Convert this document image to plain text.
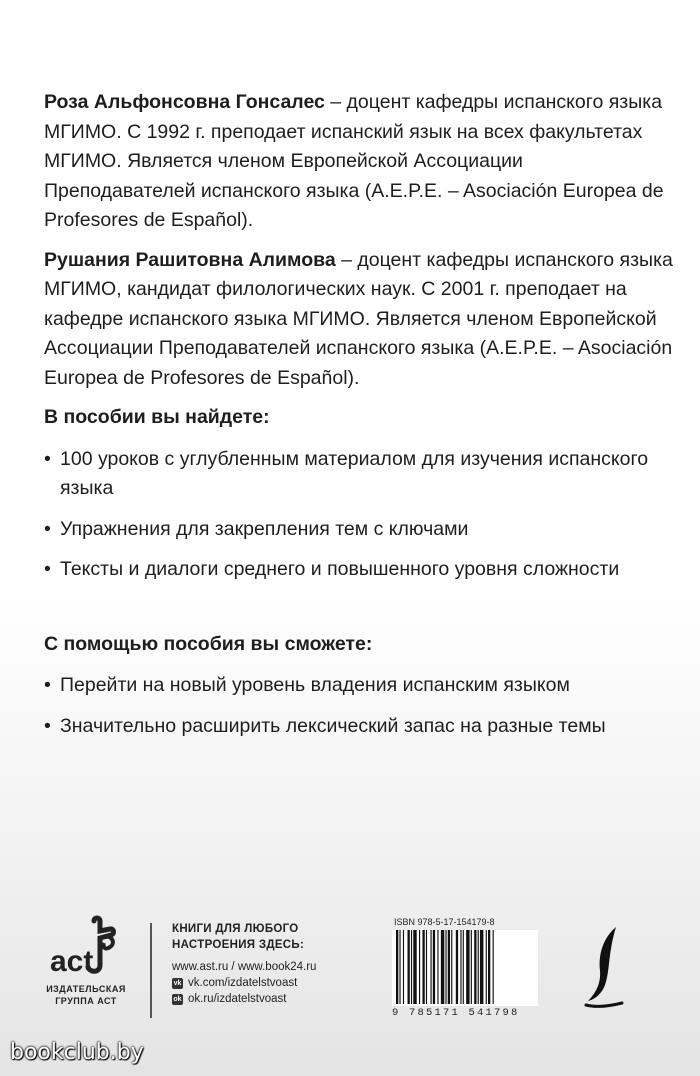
Роза Альфонсовна Гонсалес – доцент кафедры испанского языка МГИМО. С 1992 г. преподает испанский язык на всех факультетах МГИМО. Является членом Европейской Ассоциации Преподавателей испанского языка (A.E.P.E. – Asociación Europea de Profesores de Español).

Рушания Рашитовна Алимова – доцент кафедры испанского языка МГИМО, кандидат филологических наук. С 2001 г. преподает на кафедре испанского языка МГИМО. Является членом Европейской Ассоциации Преподавателей испанского языка (A.E.P.E. – Asociación Europea de Profesores de Español).

В пособии вы найдете:
• 100 уроков с углубленным материалом для изучения испанского языка
• Упражнения для закрепления тем с ключами
• Тексты и диалоги среднего и повышенного уровня сложности
С помощью пособия вы сможете:
• Перейти на новый уровень владения испанским языком
• Значительно расширить лексический запас на разные темы
act
ИЗДАТЕЛЬСКАЯ
ГРУППА АСТ
КНИГИ ДЛЯ ЛЮБОГО
НАСТРОЕНИЯ ЗДЕСЬ:
www.ast.ru / www.book24.ru
vk vk.com/izdatelstvoast
ok ok.ru/izdatelstvoast
ISBN 978-5-17-154179-8
9 785171 541798
bookclub.by
